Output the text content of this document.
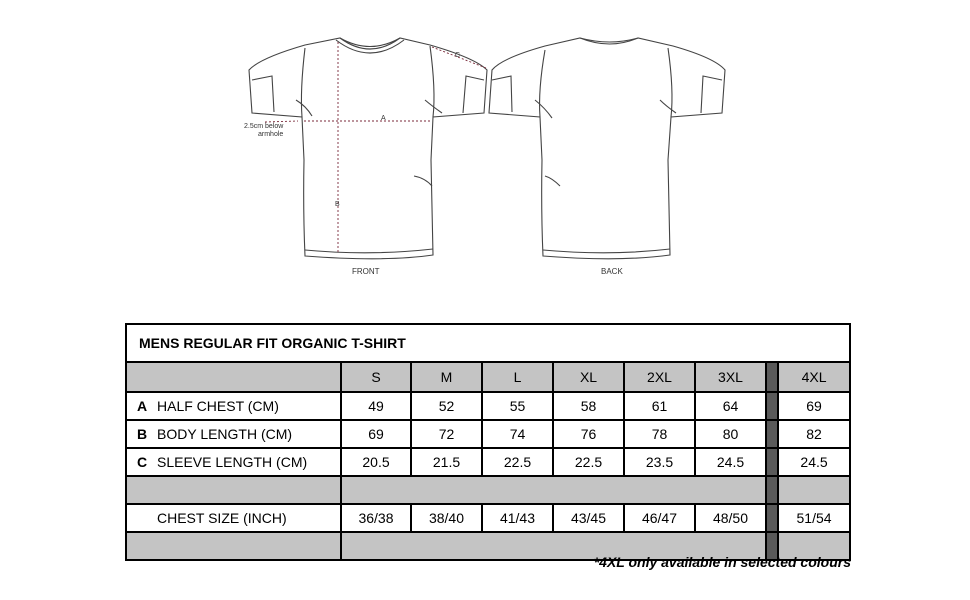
A
B
C
2.5cm below
armhole
FRONT	BACK
MENS REGULAR FIT ORGANIC T-SHIRT								
	S	M	L	XL	2XL	3XL		4XL
A HALF CHEST (CM)	49	52	55	58	61	64		69
B BODY LENGTH (CM)	69	72	74	76	78	80		82
C SLEEVE LENGTH (CM)	20.5	21.5	22.5	22.5	23.5	24.5		24.5

CHEST SIZE (INCH)	36/38	38/40	41/43	43/45	46/47	48/50		51/54

*4XL only available in selected colours
